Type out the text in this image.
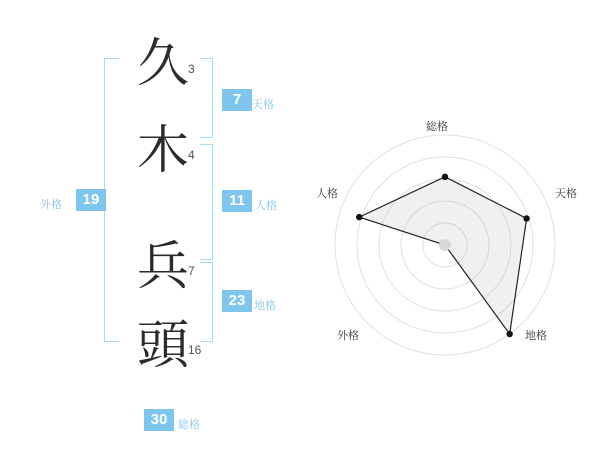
外格	19
久 3
木 4
兵 7
頭 16
7 天格
11 人格
23 地格
30 総格
総格
天格
地格
外格
人格
